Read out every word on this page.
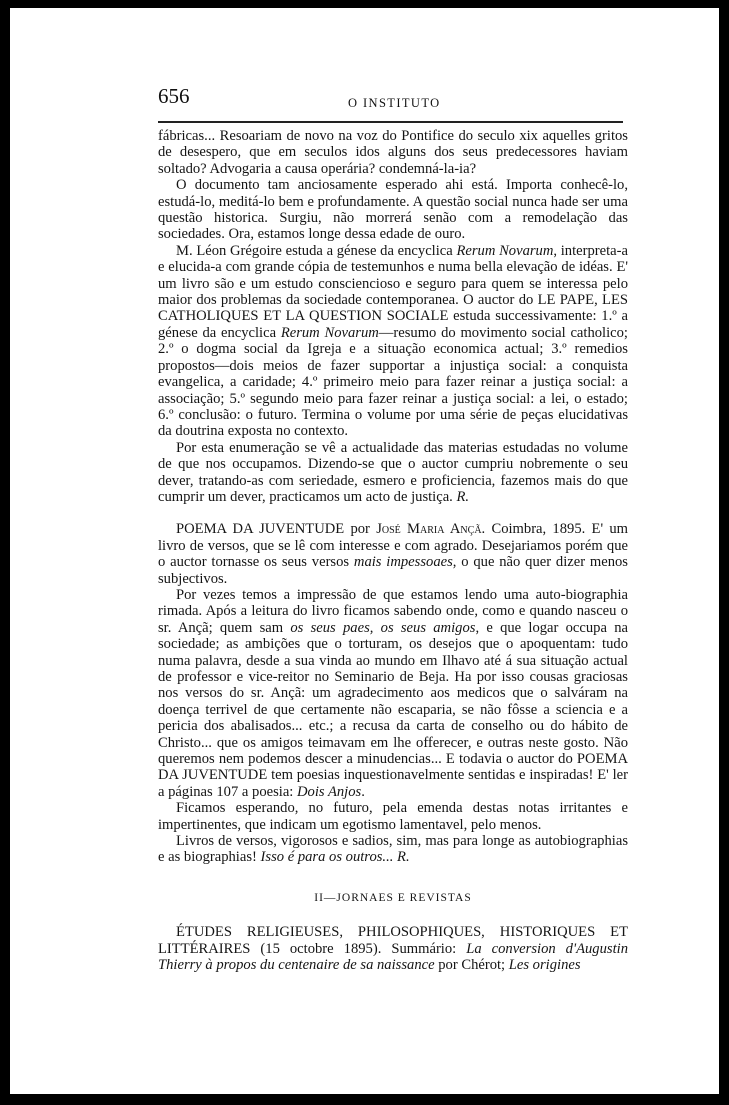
656	O INSTITUTO

fábricas... Resoariam de novo na voz do Pontifice do seculo xix aquelles gritos de desespero, que em seculos idos alguns dos seus predecessores haviam soltado? Advogaria a causa operária? condemná-la-ia?

O documento tam anciosamente esperado ahi está. Importa conhecê-lo, estudá-lo, meditá-lo bem e profundamente. A questão social nunca hade ser uma questão historica. Surgiu, não morrerá senão com a remodelação das sociedades. Ora, estamos longe dessa edade de ouro.

M. Léon Grégoire estuda a génese da encyclica Rerum Novarum, interpreta-a e elucida-a com grande cópia de testemunhos e numa bella elevação de idéas. E' um livro são e um estudo consciencioso e seguro para quem se interessa pelo maior dos problemas da sociedade contemporanea. O auctor do LE PAPE, LES CATHOLIQUES ET LA QUESTION SOCIALE estuda successivamente: 1.º a génese da encyclica Rerum Novarum—resumo do movimento social catholico; 2.º o dogma social da Igreja e a situação economica actual; 3.º remedios propostos—dois meios de fazer supportar a injustiça social: a conquista evangelica, a caridade; 4.º primeiro meio para fazer reinar a justiça social: a associação; 5.º segundo meio para fazer reinar a justiça social: a lei, o estado; 6.º conclusão: o futuro. Termina o volume por uma série de peças elucidativas da doutrina exposta no contexto.

Por esta enumeração se vê a actualidade das materias estudadas no volume de que nos occupamos. Dizendo-se que o auctor cumpriu nobremente o seu dever, tratando-as com seriedade, esmero e proficiencia, fazemos mais do que cumprir um dever, practicamos um acto de justiça. R.

POEMA DA JUVENTUDE por José Maria Ançã. Coimbra, 1895. E' um livro de versos, que se lê com interesse e com agrado. Desejariamos porém que o auctor tornasse os seus versos mais impessoaes, o que não quer dizer menos subjectivos.

Por vezes temos a impressão de que estamos lendo uma auto-biographia rimada. Após a leitura do livro ficamos sabendo onde, como e quando nasceu o sr. Ançã; quem sam os seus paes, os seus amigos, e que logar occupa na sociedade; as ambições que o torturam, os desejos que o apoquentam: tudo numa palavra, desde a sua vinda ao mundo em Ilhavo até á sua situação actual de professor e vice-reitor no Seminario de Beja. Ha por isso cousas graciosas nos versos do sr. Ançã: um agradecimento aos medicos que o salváram na doença terrivel de que certamente não escaparia, se não fôsse a sciencia e a pericia dos abalisados... etc.; a recusa da carta de conselho ou do hábito de Christo... que os amigos teimavam em lhe offerecer, e outras neste gosto. Não queremos nem podemos descer a minudencias... E todavia o auctor do POEMA DA JUVENTUDE tem poesias inquestionavelmente sentidas e inspiradas! E' ler a páginas 107 a poesia: Dois Anjos.

Ficamos esperando, no futuro, pela emenda destas notas irritantes e impertinentes, que indicam um egotismo lamentavel, pelo menos.

Livros de versos, vigorosos e sadios, sim, mas para longe as autobiographias e as biographias! Isso é para os outros... R.

II—JORNAES E REVISTAS

ÉTUDES RELIGIEUSES, PHILOSOPHIQUES, HISTORIQUES ET LITTÉRAIRES (15 octobre 1895). Summário: La conversion d'Augustin Thierry à propos du centenaire de sa naissance por Chérot; Les origines
